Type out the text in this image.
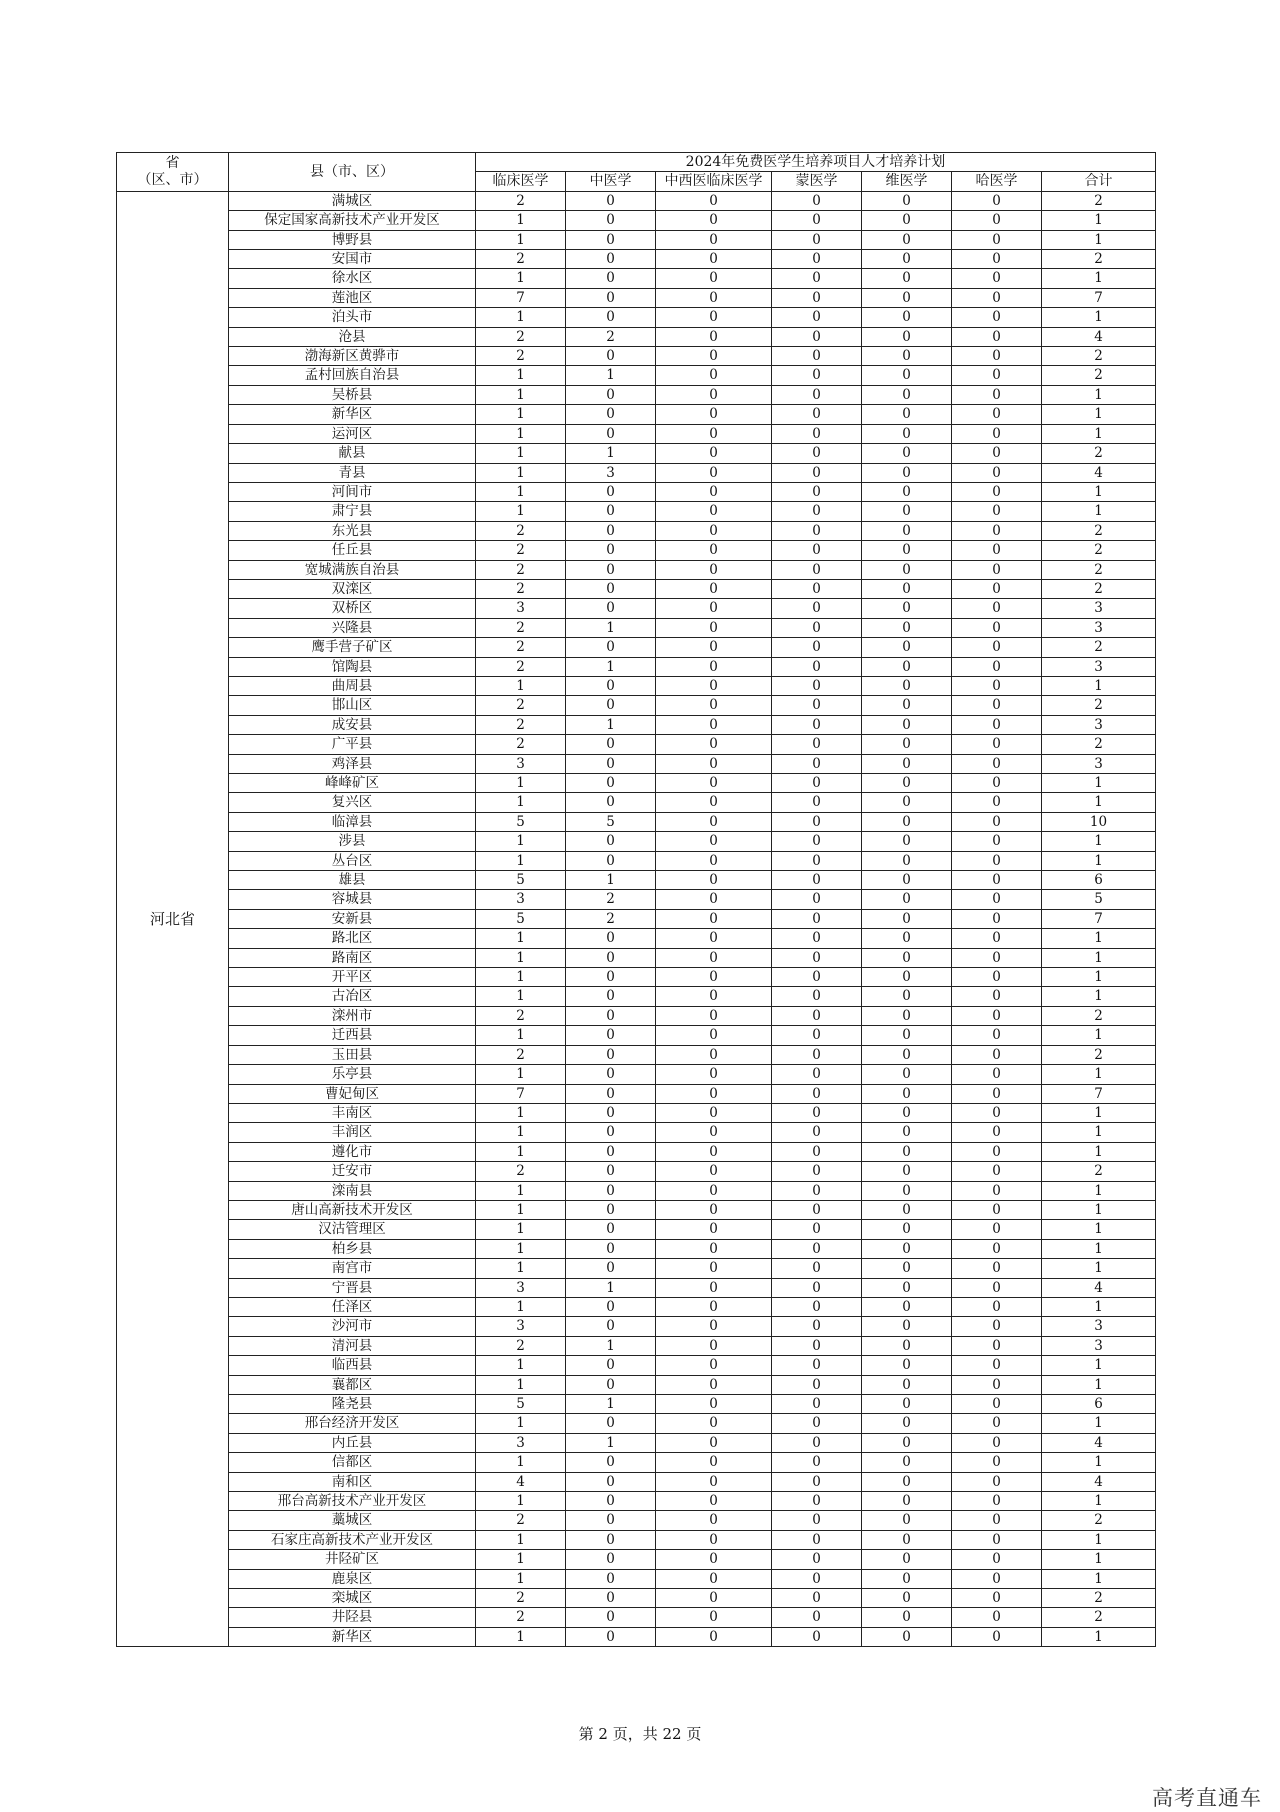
省
（区、市）	县（市、区）	2024年免费医学生培养项目人才培养计划						
		临床医学	中医学	中西医临床医学	蒙医学	维医学	哈医学	合计
河北省	满城区	2	0	0	0	0	0	2
	保定国家高新技术产业开发区	1	0	0	0	0	0	1
	博野县	1	0	0	0	0	0	1
	安国市	2	0	0	0	0	0	2
	徐水区	1	0	0	0	0	0	1
	莲池区	7	0	0	0	0	0	7
	泊头市	1	0	0	0	0	0	1
	沧县	2	2	0	0	0	0	4
	渤海新区黄骅市	2	0	0	0	0	0	2
	孟村回族自治县	1	1	0	0	0	0	2
	吴桥县	1	0	0	0	0	0	1
	新华区	1	0	0	0	0	0	1
	运河区	1	0	0	0	0	0	1
	献县	1	1	0	0	0	0	2
	青县	1	3	0	0	0	0	4
	河间市	1	0	0	0	0	0	1
	肃宁县	1	0	0	0	0	0	1
	东光县	2	0	0	0	0	0	2
	任丘县	2	0	0	0	0	0	2
	宽城满族自治县	2	0	0	0	0	0	2
	双滦区	2	0	0	0	0	0	2
	双桥区	3	0	0	0	0	0	3
	兴隆县	2	1	0	0	0	0	3
	鹰手营子矿区	2	0	0	0	0	0	2
	馆陶县	2	1	0	0	0	0	3
	曲周县	1	0	0	0	0	0	1
	邯山区	2	0	0	0	0	0	2
	成安县	2	1	0	0	0	0	3
	广平县	2	0	0	0	0	0	2
	鸡泽县	3	0	0	0	0	0	3
	峰峰矿区	1	0	0	0	0	0	1
	复兴区	1	0	0	0	0	0	1
	临漳县	5	5	0	0	0	0	10
	涉县	1	0	0	0	0	0	1
	丛台区	1	0	0	0	0	0	1
	雄县	5	1	0	0	0	0	6
	容城县	3	2	0	0	0	0	5
	安新县	5	2	0	0	0	0	7
	路北区	1	0	0	0	0	0	1
	路南区	1	0	0	0	0	0	1
	开平区	1	0	0	0	0	0	1
	古冶区	1	0	0	0	0	0	1
	滦州市	2	0	0	0	0	0	2
	迁西县	1	0	0	0	0	0	1
	玉田县	2	0	0	0	0	0	2
	乐亭县	1	0	0	0	0	0	1
	曹妃甸区	7	0	0	0	0	0	7
	丰南区	1	0	0	0	0	0	1
	丰润区	1	0	0	0	0	0	1
	遵化市	1	0	0	0	0	0	1
	迁安市	2	0	0	0	0	0	2
	滦南县	1	0	0	0	0	0	1
	唐山高新技术开发区	1	0	0	0	0	0	1
	汉沽管理区	1	0	0	0	0	0	1
	柏乡县	1	0	0	0	0	0	1
	南宫市	1	0	0	0	0	0	1
	宁晋县	3	1	0	0	0	0	4
	任泽区	1	0	0	0	0	0	1
	沙河市	3	0	0	0	0	0	3
	清河县	2	1	0	0	0	0	3
	临西县	1	0	0	0	0	0	1
	襄都区	1	0	0	0	0	0	1
	隆尧县	5	1	0	0	0	0	6
	邢台经济开发区	1	0	0	0	0	0	1
	内丘县	3	1	0	0	0	0	4
	信都区	1	0	0	0	0	0	1
	南和区	4	0	0	0	0	0	4
	邢台高新技术产业开发区	1	0	0	0	0	0	1
	藁城区	2	0	0	0	0	0	2
	石家庄高新技术产业开发区	1	0	0	0	0	0	1
	井陉矿区	1	0	0	0	0	0	1
	鹿泉区	1	0	0	0	0	0	1
	栾城区	2	0	0	0	0	0	2
	井陉县	2	0	0	0	0	0	2
	新华区	1	0	0	0	0	0	1
第 2 页，共 22 页
高考直通车
